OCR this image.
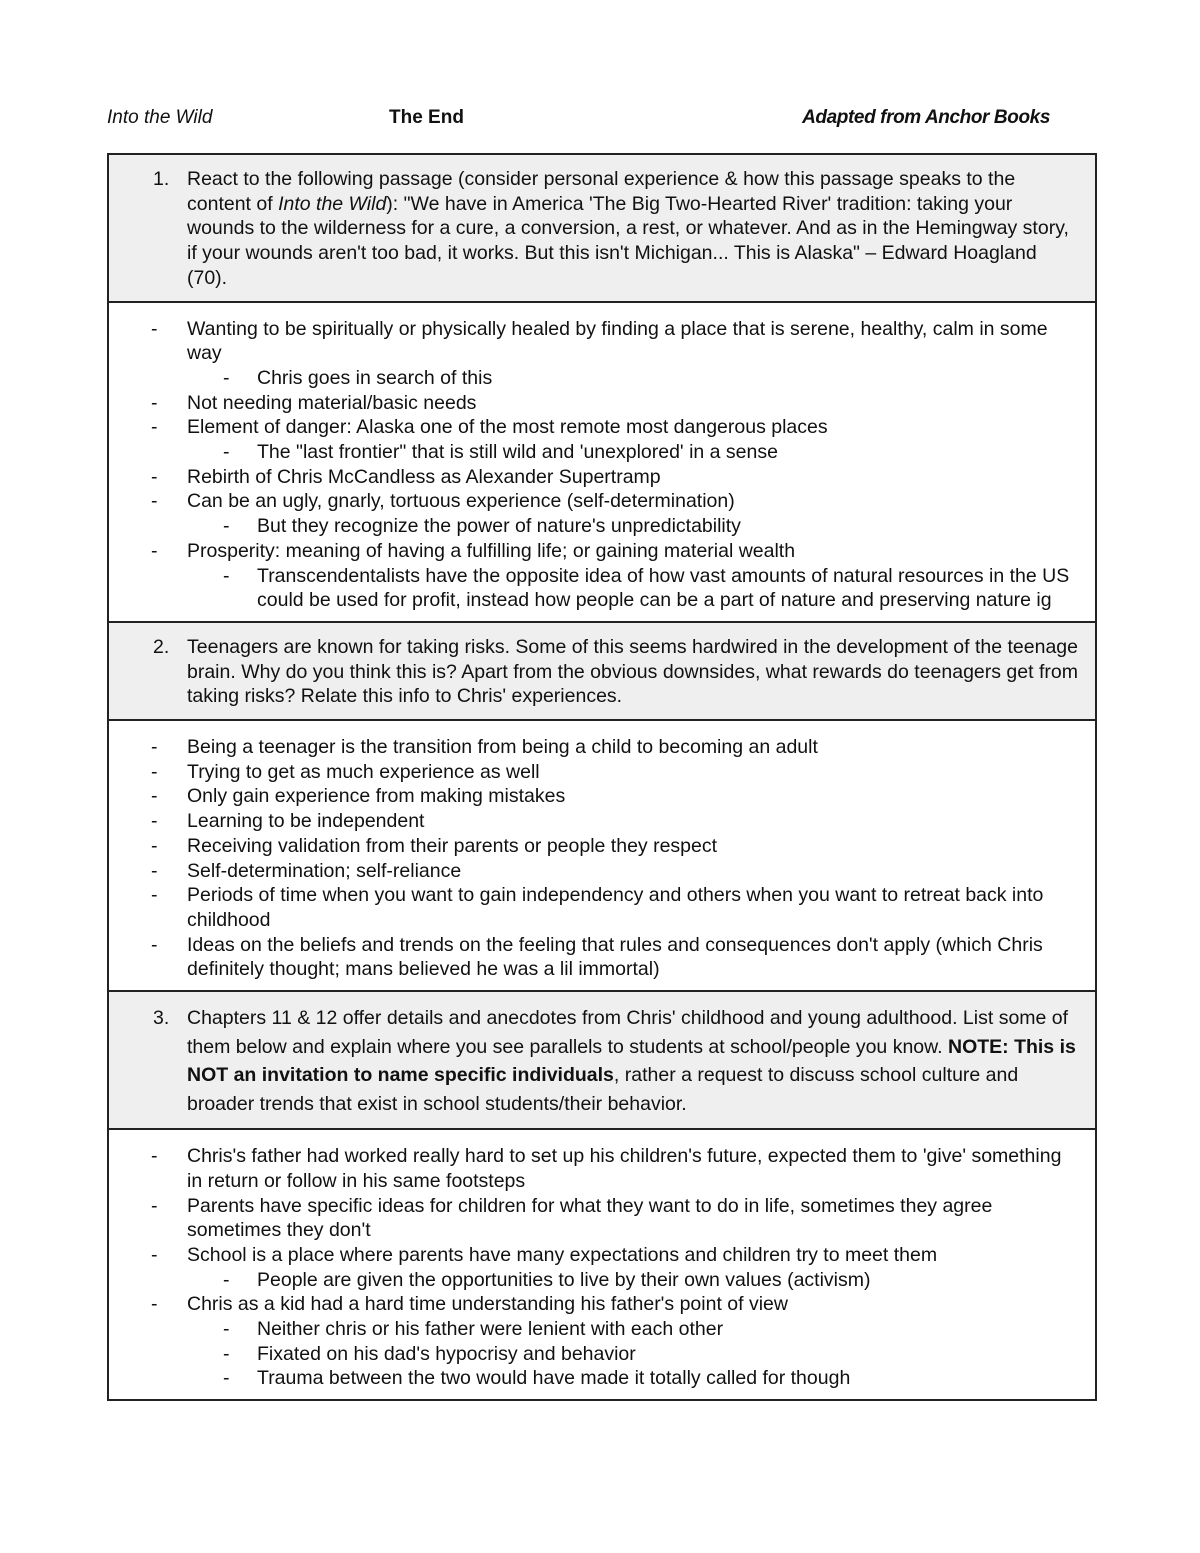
Into the Wild	The End	Adapted from Anchor Books
1. React to the following passage (consider personal experience & how this passage speaks to the content of Into the Wild): "We have in America 'The Big Two-Hearted River' tradition: taking your wounds to the wilderness for a cure, a conversion, a rest, or whatever. And as in the Hemingway story, if your wounds aren't too bad, it works. But this isn't Michigan... This is Alaska" – Edward Hoagland (70).
- Wanting to be spiritually or physically healed by finding a place that is serene, healthy, calm in some way
- Chris goes in search of this
- Not needing material/basic needs
- Element of danger: Alaska one of the most remote most dangerous places
- The "last frontier" that is still wild and 'unexplored' in a sense
- Rebirth of Chris McCandless as Alexander Supertramp
- Can be an ugly, gnarly, tortuous experience (self-determination)
- But they recognize the power of nature's unpredictability
- Prosperity: meaning of having a fulfilling life; or gaining material wealth
- Transcendentalists have the opposite idea of how vast amounts of natural resources in the US could be used for profit, instead how people can be a part of nature and preserving nature ig
2. Teenagers are known for taking risks. Some of this seems hardwired in the development of the teenage brain. Why do you think this is? Apart from the obvious downsides, what rewards do teenagers get from taking risks? Relate this info to Chris' experiences.
- Being a teenager is the transition from being a child to becoming an adult
- Trying to get as much experience as well
- Only gain experience from making mistakes
- Learning to be independent
- Receiving validation from their parents or people they respect
- Self-determination; self-reliance
- Periods of time when you want to gain independency and others when you want to retreat back into childhood
- Ideas on the beliefs and trends on the feeling that rules and consequences don't apply (which Chris definitely thought; mans believed he was a lil immortal)
3. Chapters 11 & 12 offer details and anecdotes from Chris' childhood and young adulthood. List some of them below and explain where you see parallels to students at school/people you know. NOTE: This is NOT an invitation to name specific individuals, rather a request to discuss school culture and broader trends that exist in school students/their behavior.
- Chris's father had worked really hard to set up his children's future, expected them to 'give' something in return or follow in his same footsteps
- Parents have specific ideas for children for what they want to do in life, sometimes they agree sometimes they don't
- School is a place where parents have many expectations and children try to meet them
- People are given the opportunities to live by their own values (activism)
- Chris as a kid had a hard time understanding his father's point of view
- Neither chris or his father were lenient with each other
- Fixated on his dad's hypocrisy and behavior
- Trauma between the two would have made it totally called for though
